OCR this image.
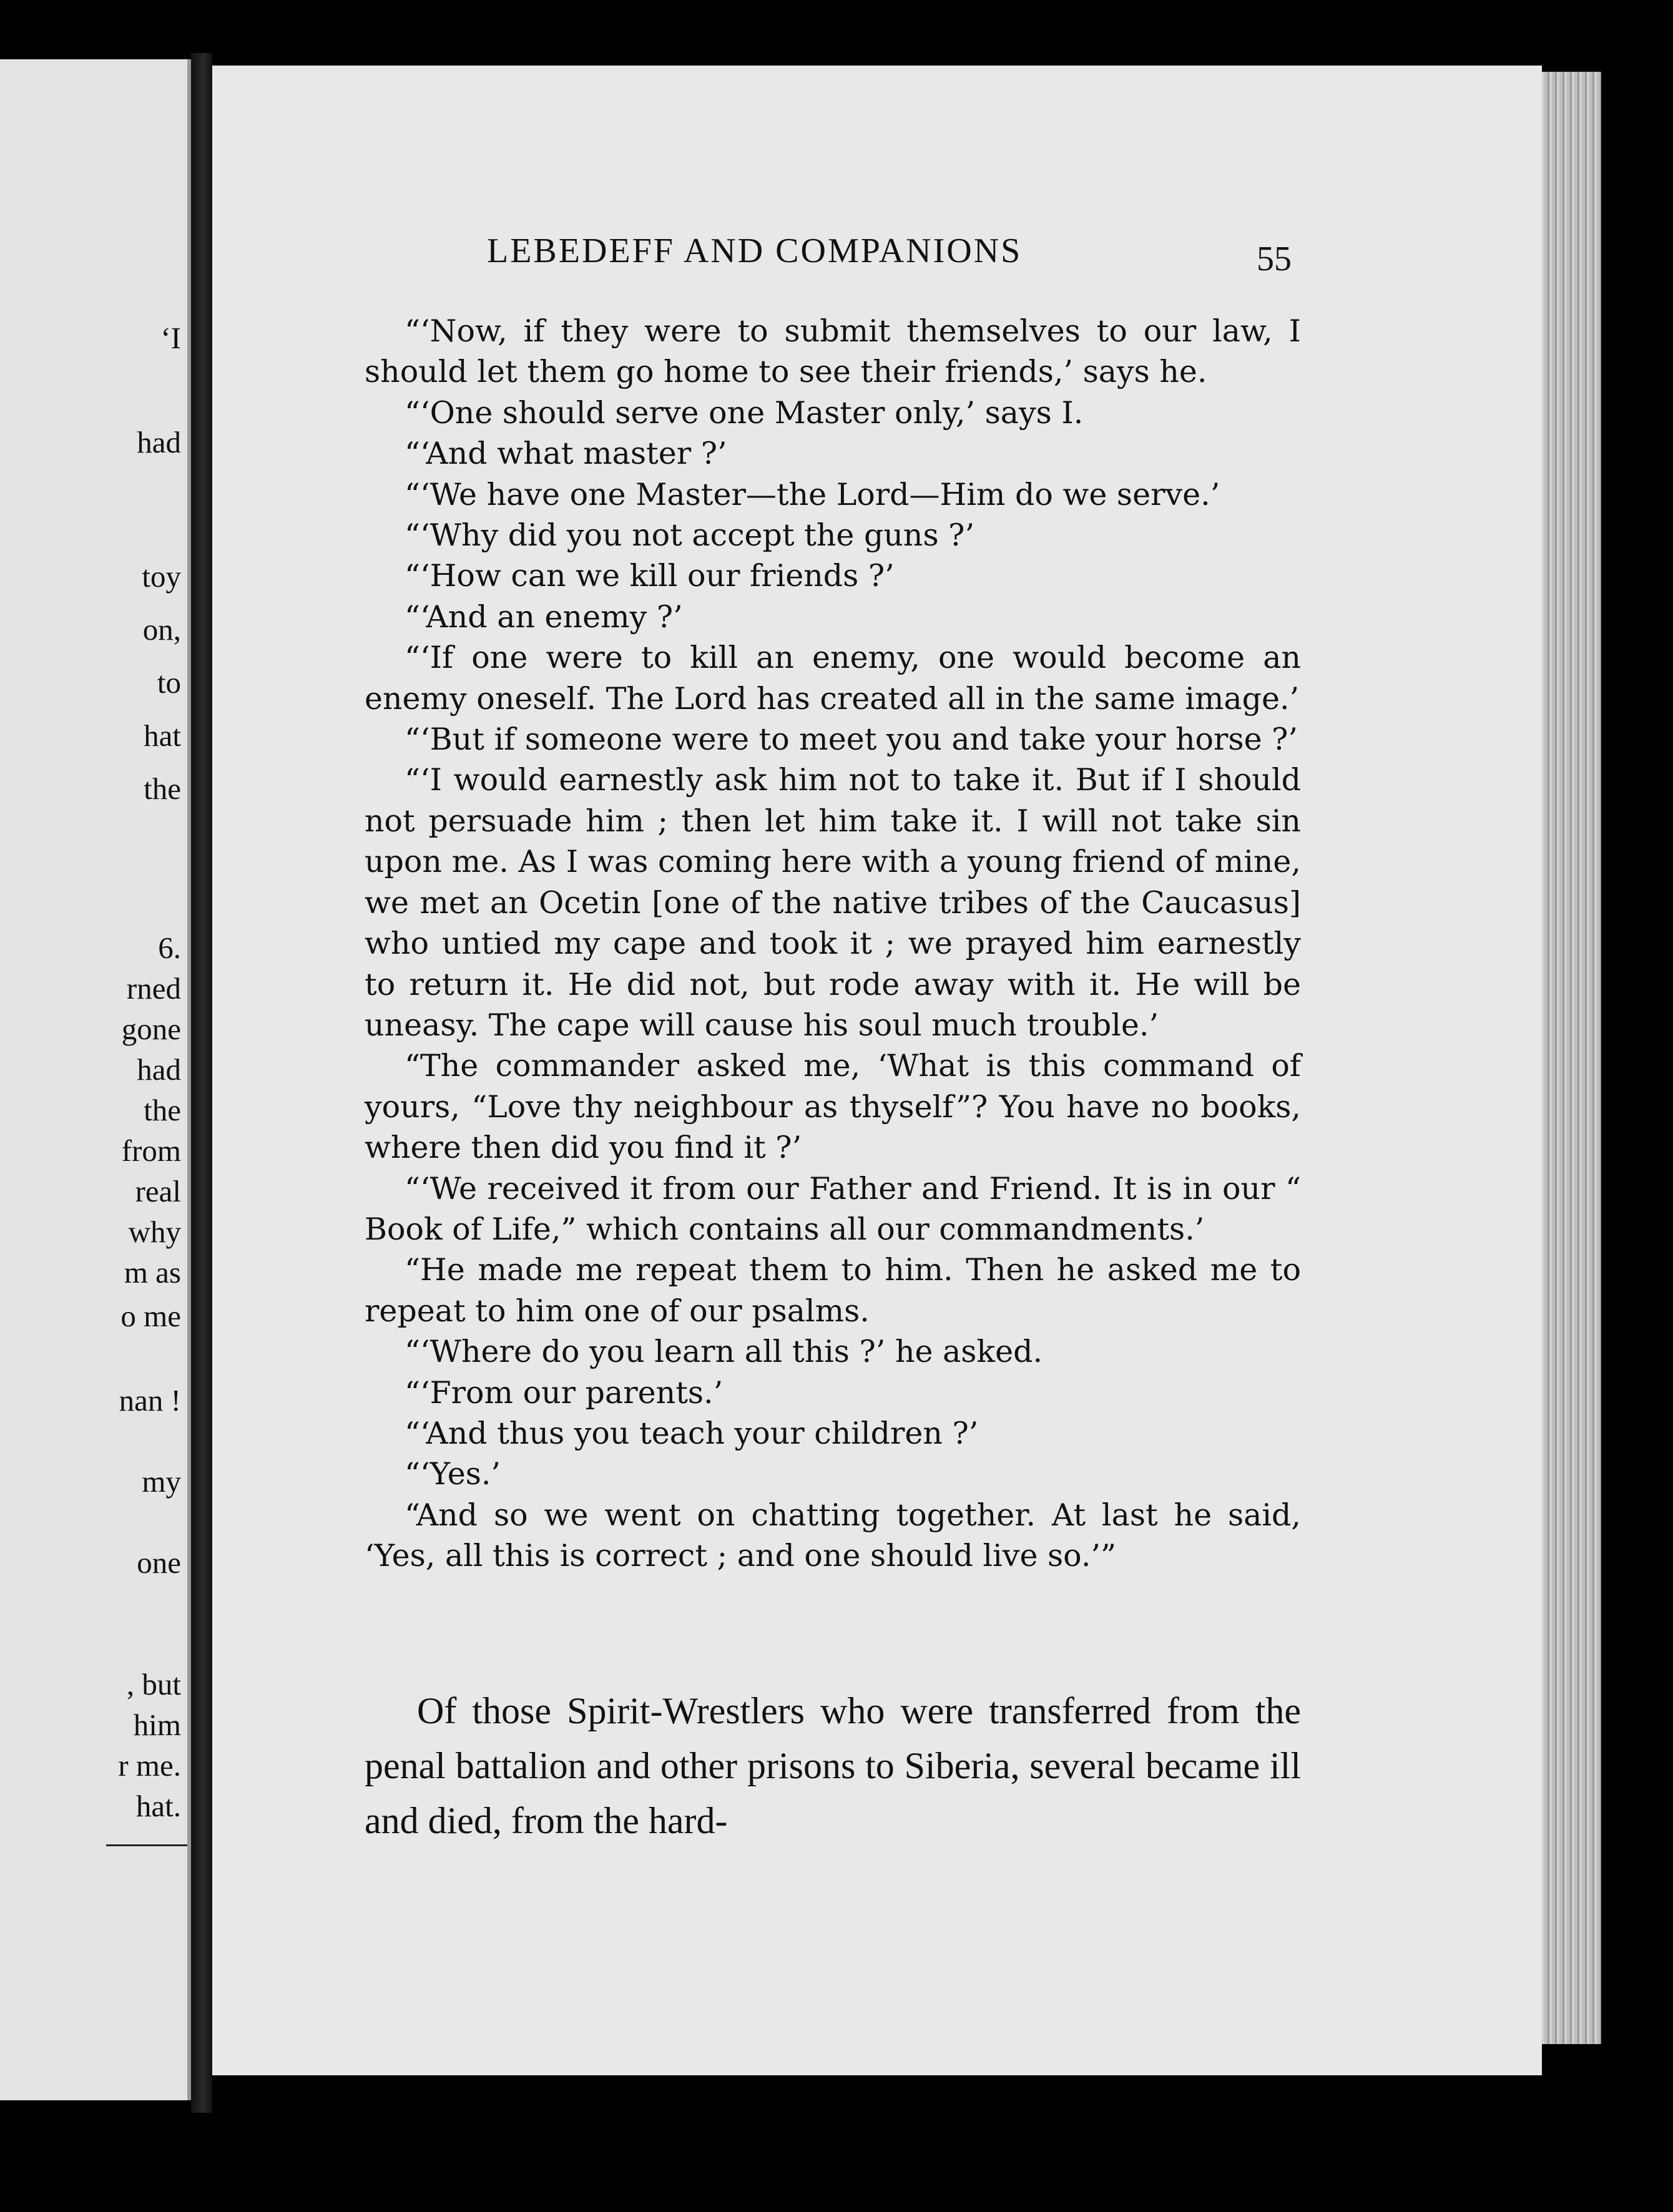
‘I
had
toy
on,
to
hat
the
6.
rned
gone
had
the
from
real
why
m as
o me
nan !
my
one
, but
him
r me.
hat.
LEBEDEFF AND COMPANIONS	55

“‘Now, if they were to submit themselves to our law, I should let them go home to see their friends,’ says he.

“‘One should serve one Master only,’ says I.

“‘And what master ?’

“‘We have one Master—the Lord—Him do we serve.’

“‘Why did you not accept the guns ?’

“‘How can we kill our friends ?’

“‘And an enemy ?’

“‘If one were to kill an enemy, one would become an enemy oneself. The Lord has created all in the same image.’

“‘But if someone were to meet you and take your horse ?’

“‘I would earnestly ask him not to take it. But if I should not persuade him ; then let him take it. I will not take sin upon me. As I was coming here with a young friend of mine, we met an Ocetin [one of the native tribes of the Caucasus] who untied my cape and took it ; we prayed him earnestly to return it. He did not, but rode away with it. He will be uneasy. The cape will cause his soul much trouble.’

“The commander asked me, ‘What is this command of yours, “Love thy neighbour as thyself”? You have no books, where then did you find it ?’

“‘We received it from our Father and Friend. It is in our “ Book of Life,” which contains all our commandments.’

“He made me repeat them to him. Then he asked me to repeat to him one of our psalms.

“‘Where do you learn all this ?’ he asked.

“‘From our parents.’

“‘And thus you teach your children ?’

“‘Yes.’

“And so we went on chatting together. At last he said, ‘Yes, all this is correct ; and one should live so.’”

Of those Spirit-Wrestlers who were transferred from the penal battalion and other prisons to Siberia, several became ill and died, from the hard-
